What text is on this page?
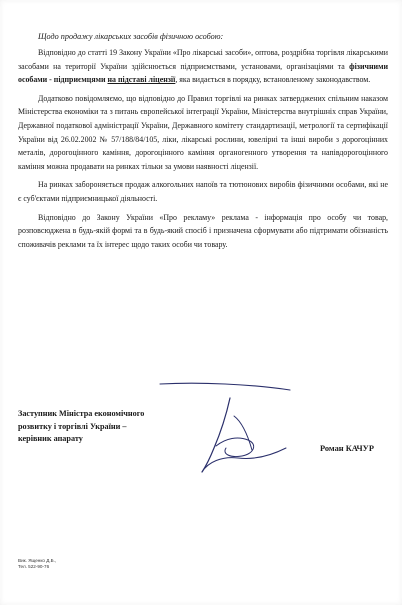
Щодо продажу лікарських засобів фізичною особою:

Відповідно до статті 19 Закону України «Про лікарські засоби», оптова, роздрібна торгівля лікарськими засобами на території України здійснюється підприємствами, установами, організаціями та фізичними особами - підприємцями на підставі ліцензії, яка видається в порядку, встановленому законодавством.

Додатково повідомляємо, що відповідно до Правил торгівлі на ринках затверджених спільним наказом Міністерства економіки та з питань європейської інтеграції України, Міністерства внутрішніх справ України, Державної податкової адміністрації України, Державного комітету стандартизації, метрології та сертифікації України від 26.02.2002 № 57/188/84/105, ліки, лікарські рослини, ювелірні та інші вироби з дорогоцінних металів, дорогоцінного каміння, дорогоцінного каміння органогенного утворення та напівдорогоцінного каміння можна продавати на ринках тільки за умови наявності ліцензії.

На ринках забороняється продаж алкогольних напоїв та тютюнових виробів фізичними особами, які не є суб'єктами підприємницької діяльності.

Відповідно до Закону України «Про рекламу» реклама - інформація про особу чи товар, розповсюджена в будь-якій формі та в будь-який спосіб і призначена сформувати або підтримати обізнаність споживачів реклами та їх інтерес щодо таких особи чи товару.

Заступник Міністра економічного
розвитку і торгівлі України –
керівник апарату
Роман КАЧУР
Вик. Ященко Д.Б.,
Тел. 522-90-76
